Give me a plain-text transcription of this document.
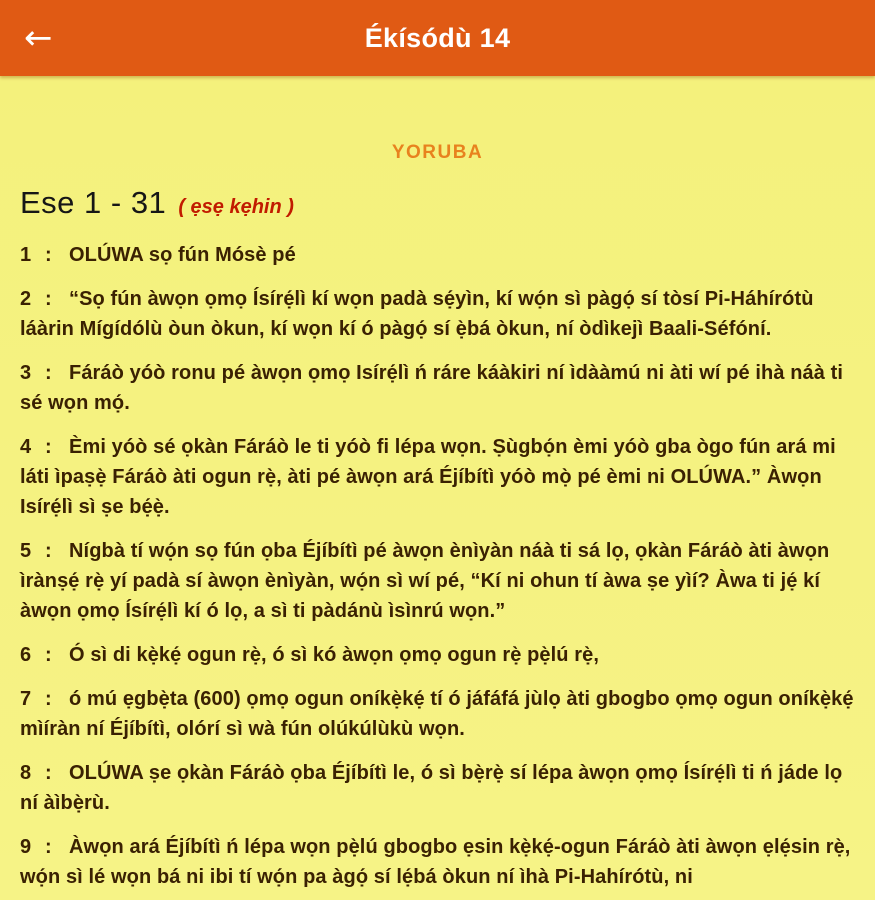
←	Ékísódù 14
YORUBA
Ese 1 - 31 ( ẹsẹ kẹhin )

1 : OLÚWA sọ fún Mósè pé

2 : “Sọ fún àwọn ọmọ Ísírẹ́lì kí wọn padà sẹ́yìn, kí wọ́n sì pàgọ́ sí tòsí Pi-Háhírótù láàrin Mígídólù òun òkun, kí wọn kí ó pàgọ́ sí ẹ̀bá òkun, ní òdìkejì Baali-Séfóní.

3 : Fáráò yóò ronu pé àwọn ọmọ Isírẹ́lì ń ráre káàkiri ní ìdààmú ni àti wí pé ihà náà ti sé wọn mọ́.

4 : Èmi yóò sé ọkàn Fáráò le ti yóò fi lépa wọn. Ṣùgbọ́n èmi yóò gba ògo fún ará mi láti ìpaṣẹ̀ Fáráò àti ogun rẹ̀, àti pé àwọn ará Éjíbítì yóò mọ̀ pé èmi ni OLÚWA.” Àwọn Isírẹ́lì sì ṣe bẹ́ẹ̀.

5 : Nígbà tí wọ́n sọ fún ọba Éjíbítì pé àwọn ènìyàn náà ti sá lọ, ọkàn Fáráò àti àwọn ìrànṣẹ́ rẹ̀ yí padà sí àwọn ènìyàn, wọ́n sì wí pé, “Kí ni ohun tí àwa ṣe yìí? Àwa ti jẹ́ kí àwọn ọmọ Ísírẹ́lì kí ó lọ, a sì ti pàdánù ìsìnrú wọn.”

6 : Ó sì di kẹ̀kẹ́ ogun rẹ̀, ó sì kó àwọn ọmọ ogun rẹ̀ pẹ̀lú rẹ̀,

7 : ó mú ẹgbẹ̀ta (600) ọmọ ogun oníkẹ̀kẹ́ tí ó jáfáfá jùlọ àti gbogbo ọmọ ogun oníkẹ̀kẹ́ mìíràn ní Éjíbítì, olórí sì wà fún olúkúlùkù wọn.

8 : OLÚWA ṣe ọkàn Fáráò ọba Éjíbítì le, ó sì bẹ̀rẹ̀ sí lépa àwọn ọmọ Ísírẹ́lì ti ń jáde lọ ní àìbẹ̀rù.

9 : Àwọn ará Éjíbítì ń lépa wọn pẹ̀lú gbogbo ẹsin kẹ̀kẹ́-ogun Fáráò àti àwọn ẹlẹ́sin rẹ̀, wọ́n sì lé wọn bá ni ibi tí wọ́n pa àgọ́ sí lẹ́bá òkun ní ìhà Pi-Hahírótù, ni
